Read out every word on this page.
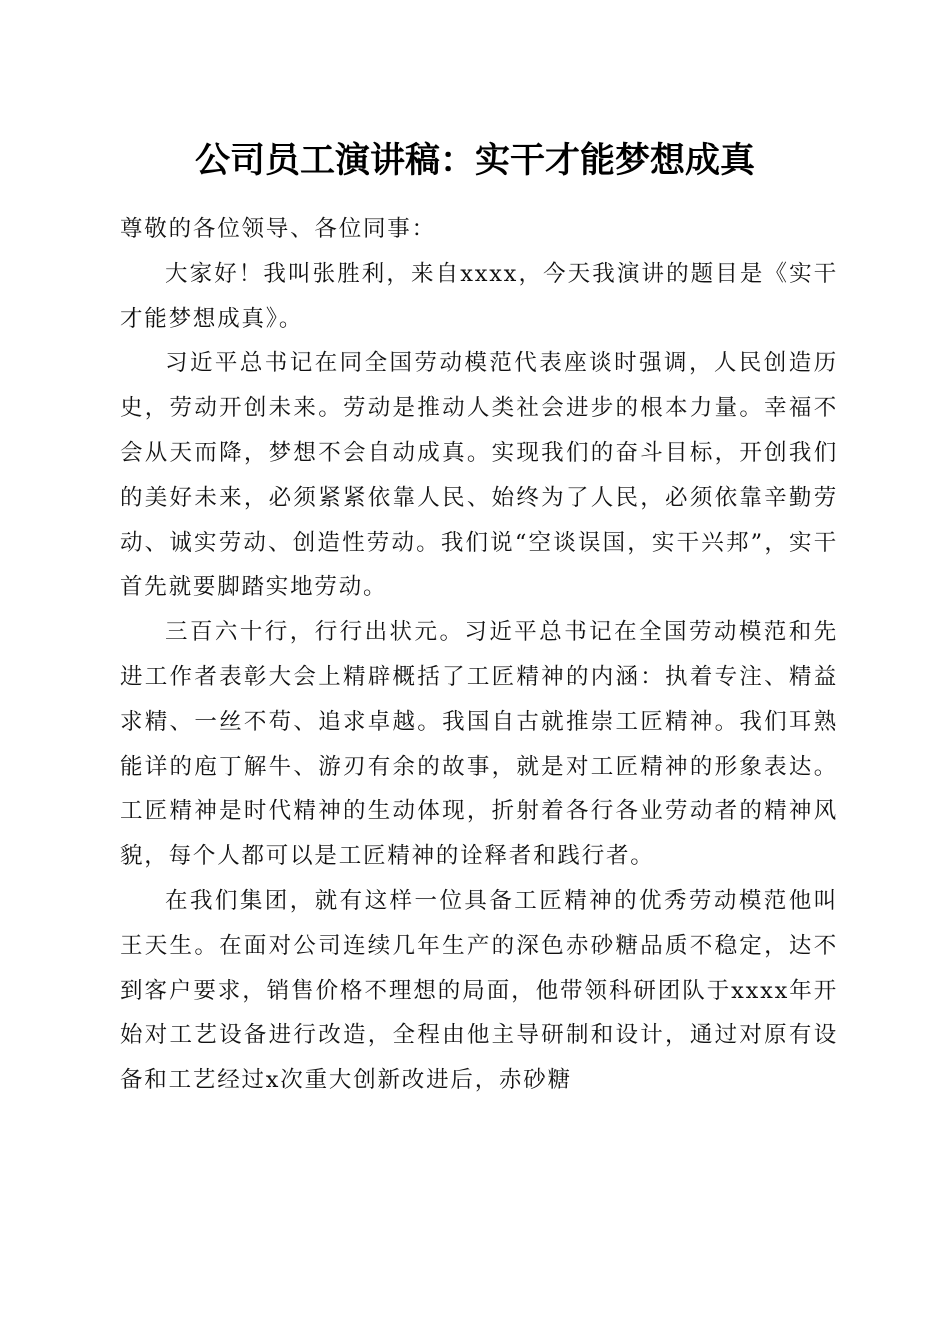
公司员工演讲稿：实干才能梦想成真

尊敬的各位领导、各位同事：

大家好！我叫张胜利，来自xxxx，今天我演讲的题目是《实干才能梦想成真》。

习近平总书记在同全国劳动模范代表座谈时强调，人民创造历史，劳动开创未来。劳动是推动人类社会进步的根本力量。幸福不会从天而降，梦想不会自动成真。实现我们的奋斗目标，开创我们的美好未来，必须紧紧依靠人民、始终为了人民，必须依靠辛勤劳动、诚实劳动、创造性劳动。我们说“空谈误国，实干兴邦”，实干首先就要脚踏实地劳动。

三百六十行，行行出状元。习近平总书记在全国劳动模范和先进工作者表彰大会上精辟概括了工匠精神的内涵：执着专注、精益求精、一丝不苟、追求卓越。我国自古就推崇工匠精神。我们耳熟能详的庖丁解牛、游刃有余的故事，就是对工匠精神的形象表达。工匠精神是时代精神的生动体现，折射着各行各业劳动者的精神风貌，每个人都可以是工匠精神的诠释者和践行者。

在我们集团，就有这样一位具备工匠精神的优秀劳动模范他叫王天生。在面对公司连续几年生产的深色赤砂糖品质不稳定，达不到客户要求，销售价格不理想的局面，他带领科研团队于xxxx年开始对工艺设备进行改造，全程由他主导研制和设计，通过对原有设备和工艺经过x次重大创新改进后，赤砂糖
